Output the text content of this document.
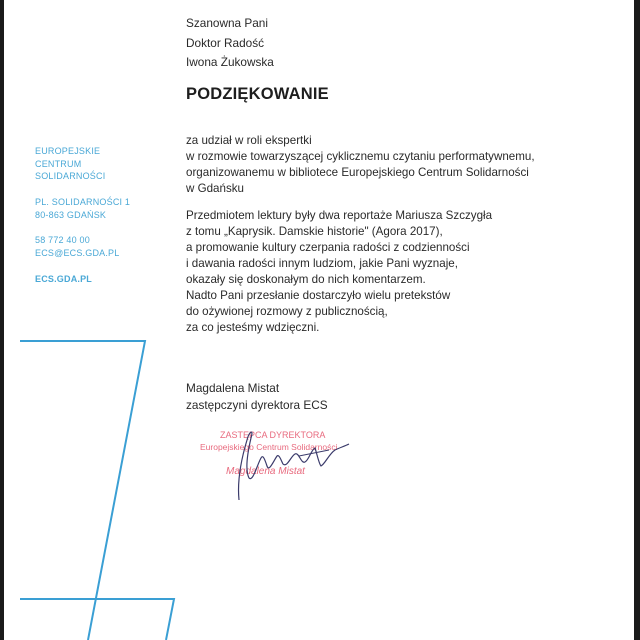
Szanowna Pani
Doktor Radość
Iwona Żukowska
PODZIĘKOWANIE
EUROPEJSKIE
CENTRUM
SOLIDARNOŚCI
PL. SOLIDARNOŚCI 1
80-863 GDAŃSK
58 772 40 00
ECS@ECS.GDA.PL
ECS.GDA.PL
za udział w roli ekspertki
w rozmowie towarzyszącej cyklicznemu czytaniu performatywnemu,
organizowanemu w bibliotece Europejskiego Centrum Solidarności
w Gdańsku
Przedmiotem lektury były dwa reportaże Mariusza Szczygła
z tomu „Kaprysik. Damskie historie" (Agora 2017),
a promowanie kultury czerpania radości z codzienności
i dawania radości innym ludziom, jakie Pani wyznaje,
okazały się doskonałym do nich komentarzem.
Nadto Pani przesłanie dostarczyło wielu pretekstów
do ożywionej rozmowy z publicznością,
za co jesteśmy wdzięczni.
Magdalena Mistat
zastępczyni dyrektora ECS
ZASTĘPCA DYREKTORA
Europejskiego Centrum Solidarności
Magdalena Mistat
